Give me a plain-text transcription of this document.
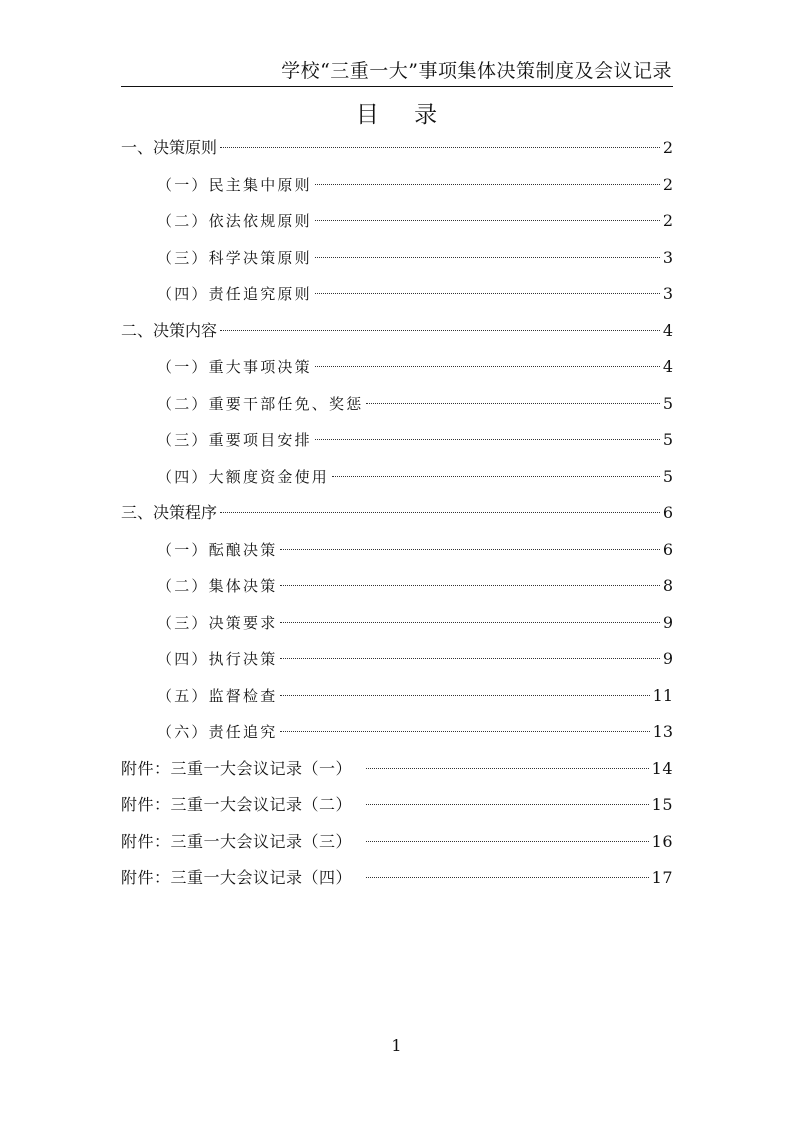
学校“三重一大”事项集体决策制度及会议记录
目 录
一、决策原则	2
（一）民主集中原则	2
（二）依法依规原则	2
（三）科学决策原则	3
（四）责任追究原则	3
二、决策内容	4
（一）重大事项决策	4
（二）重要干部任免、奖惩	5
（三）重要项目安排	5
（四）大额度资金使用	5
三、决策程序	6
（一）酝酿决策	6
（二）集体决策	8
（三）决策要求	9
（四）执行决策	9
（五）监督检查	11
（六）责任追究	13
附件：三重一大会议记录（一）	14
附件：三重一大会议记录（二）	15
附件：三重一大会议记录（三）	16
附件：三重一大会议记录（四）	17
1
